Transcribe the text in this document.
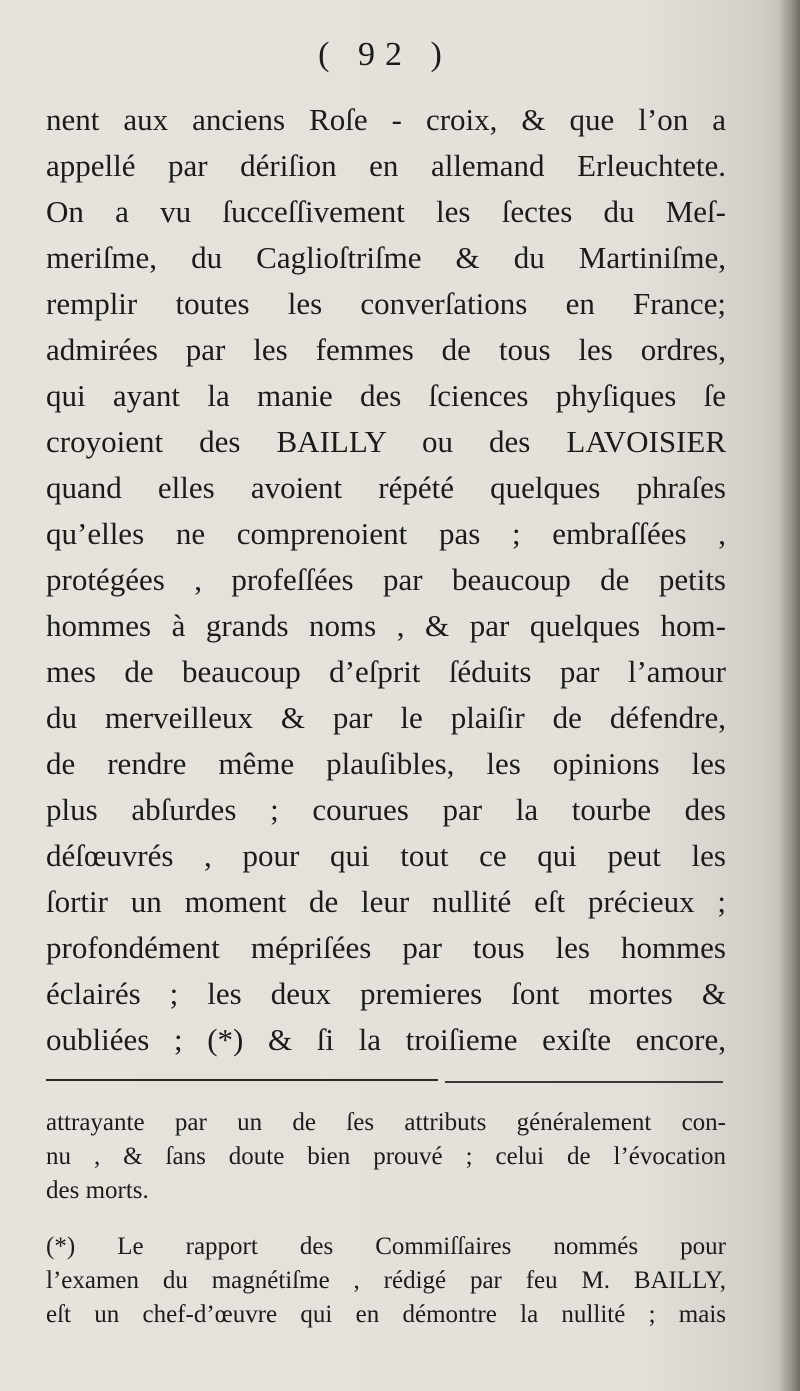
( 92 )
nent aux anciens Roſe - croix, & que l’on a
appellé par dériſion en allemand Erleuchtete.
On a vu ſucceſſivement les ſectes du Meſ-
meriſme, du Caglioſtriſme & du Martiniſme,
remplir toutes les converſations en France;
admirées par les femmes de tous les ordres,
qui ayant la manie des ſciences phyſiques ſe
croyoient des BAILLY ou des LAVOISIER
quand elles avoient répété quelques phraſes
qu’elles ne comprenoient pas ; embraſſées ,
protégées , profeſſées par beaucoup de petits
hommes à grands noms , & par quelques hom-
mes de beaucoup d’eſprit ſéduits par l’amour
du merveilleux & par le plaiſir de défendre,
de rendre même plauſibles, les opinions les
plus abſurdes ; courues par la tourbe des
déſœuvrés , pour qui tout ce qui peut les
ſortir un moment de leur nullité eſt précieux ;
profondément mépriſées par tous les hommes
éclairés ; les deux premieres ſont mortes &
oubliées ; (*) & ſi la troiſieme exiſte encore,
attrayante par un de ſes attributs généralement con-
nu , & ſans doute bien prouvé ; celui de l’évocation
des morts.
(*) Le rapport des Commiſſaires nommés pour
l’examen du magnétiſme , rédigé par feu M. BAILLY,
eſt un chef-d’œuvre qui en démontre la nullité ; mais
